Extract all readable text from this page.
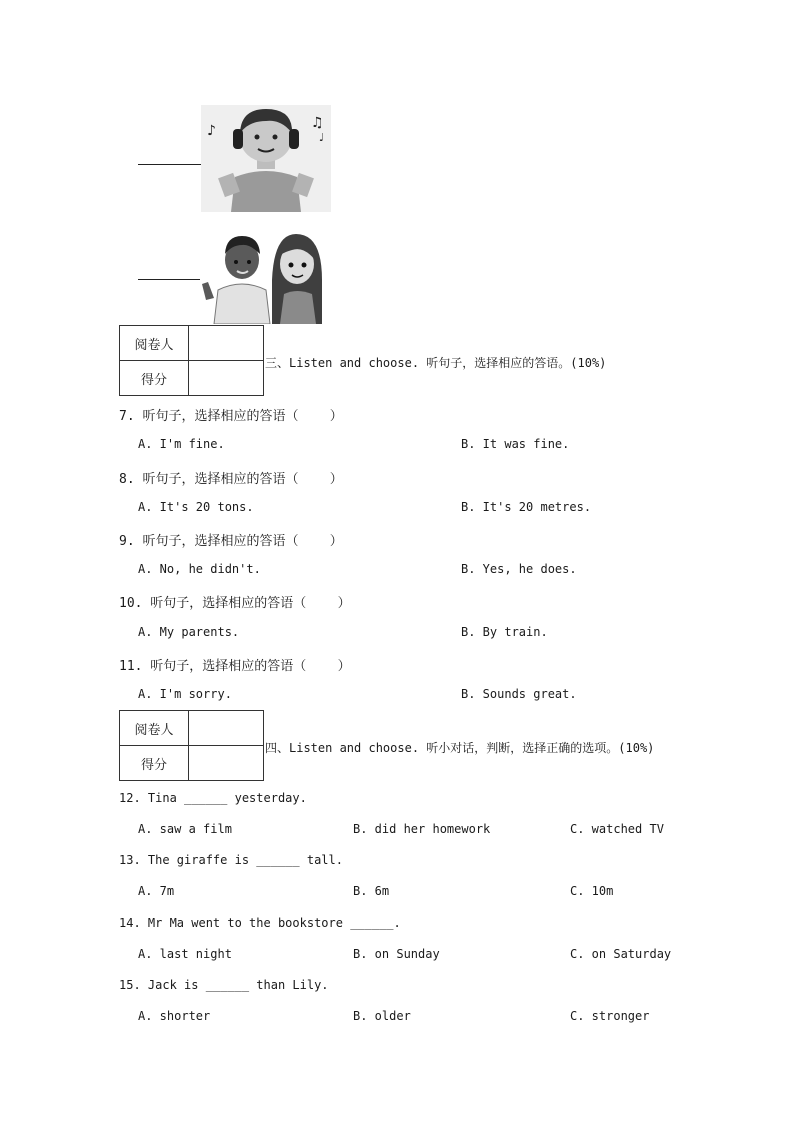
♪	♫
♩
阅卷人	
得分	
三、Listen and choose. 听句子，选择相应的答语。(10%)
7. 听句子，选择相应的答语（    ）
A. I'm fine.	B. It was fine.
8. 听句子，选择相应的答语（    ）
A. It's 20 tons.	B. It's 20 metres.
9. 听句子，选择相应的答语（    ）
A. No, he didn't.	B. Yes, he does.
10. 听句子，选择相应的答语（    ）
A. My parents.	B. By train.
11. 听句子，选择相应的答语（    ）
A. I'm sorry.	B. Sounds great.
阅卷人	
得分	
四、Listen and choose. 听小对话，判断，选择正确的选项。(10%)
12. Tina ______ yesterday.
A. saw a film	B. did her homework	C. watched TV
13. The giraffe is ______ tall.
A. 7m	B. 6m	C. 10m
14. Mr Ma went to the bookstore ______.
A. last night	B. on Sunday	C. on Saturday
15. Jack is ______ than Lily.
A. shorter	B. older	C. stronger
